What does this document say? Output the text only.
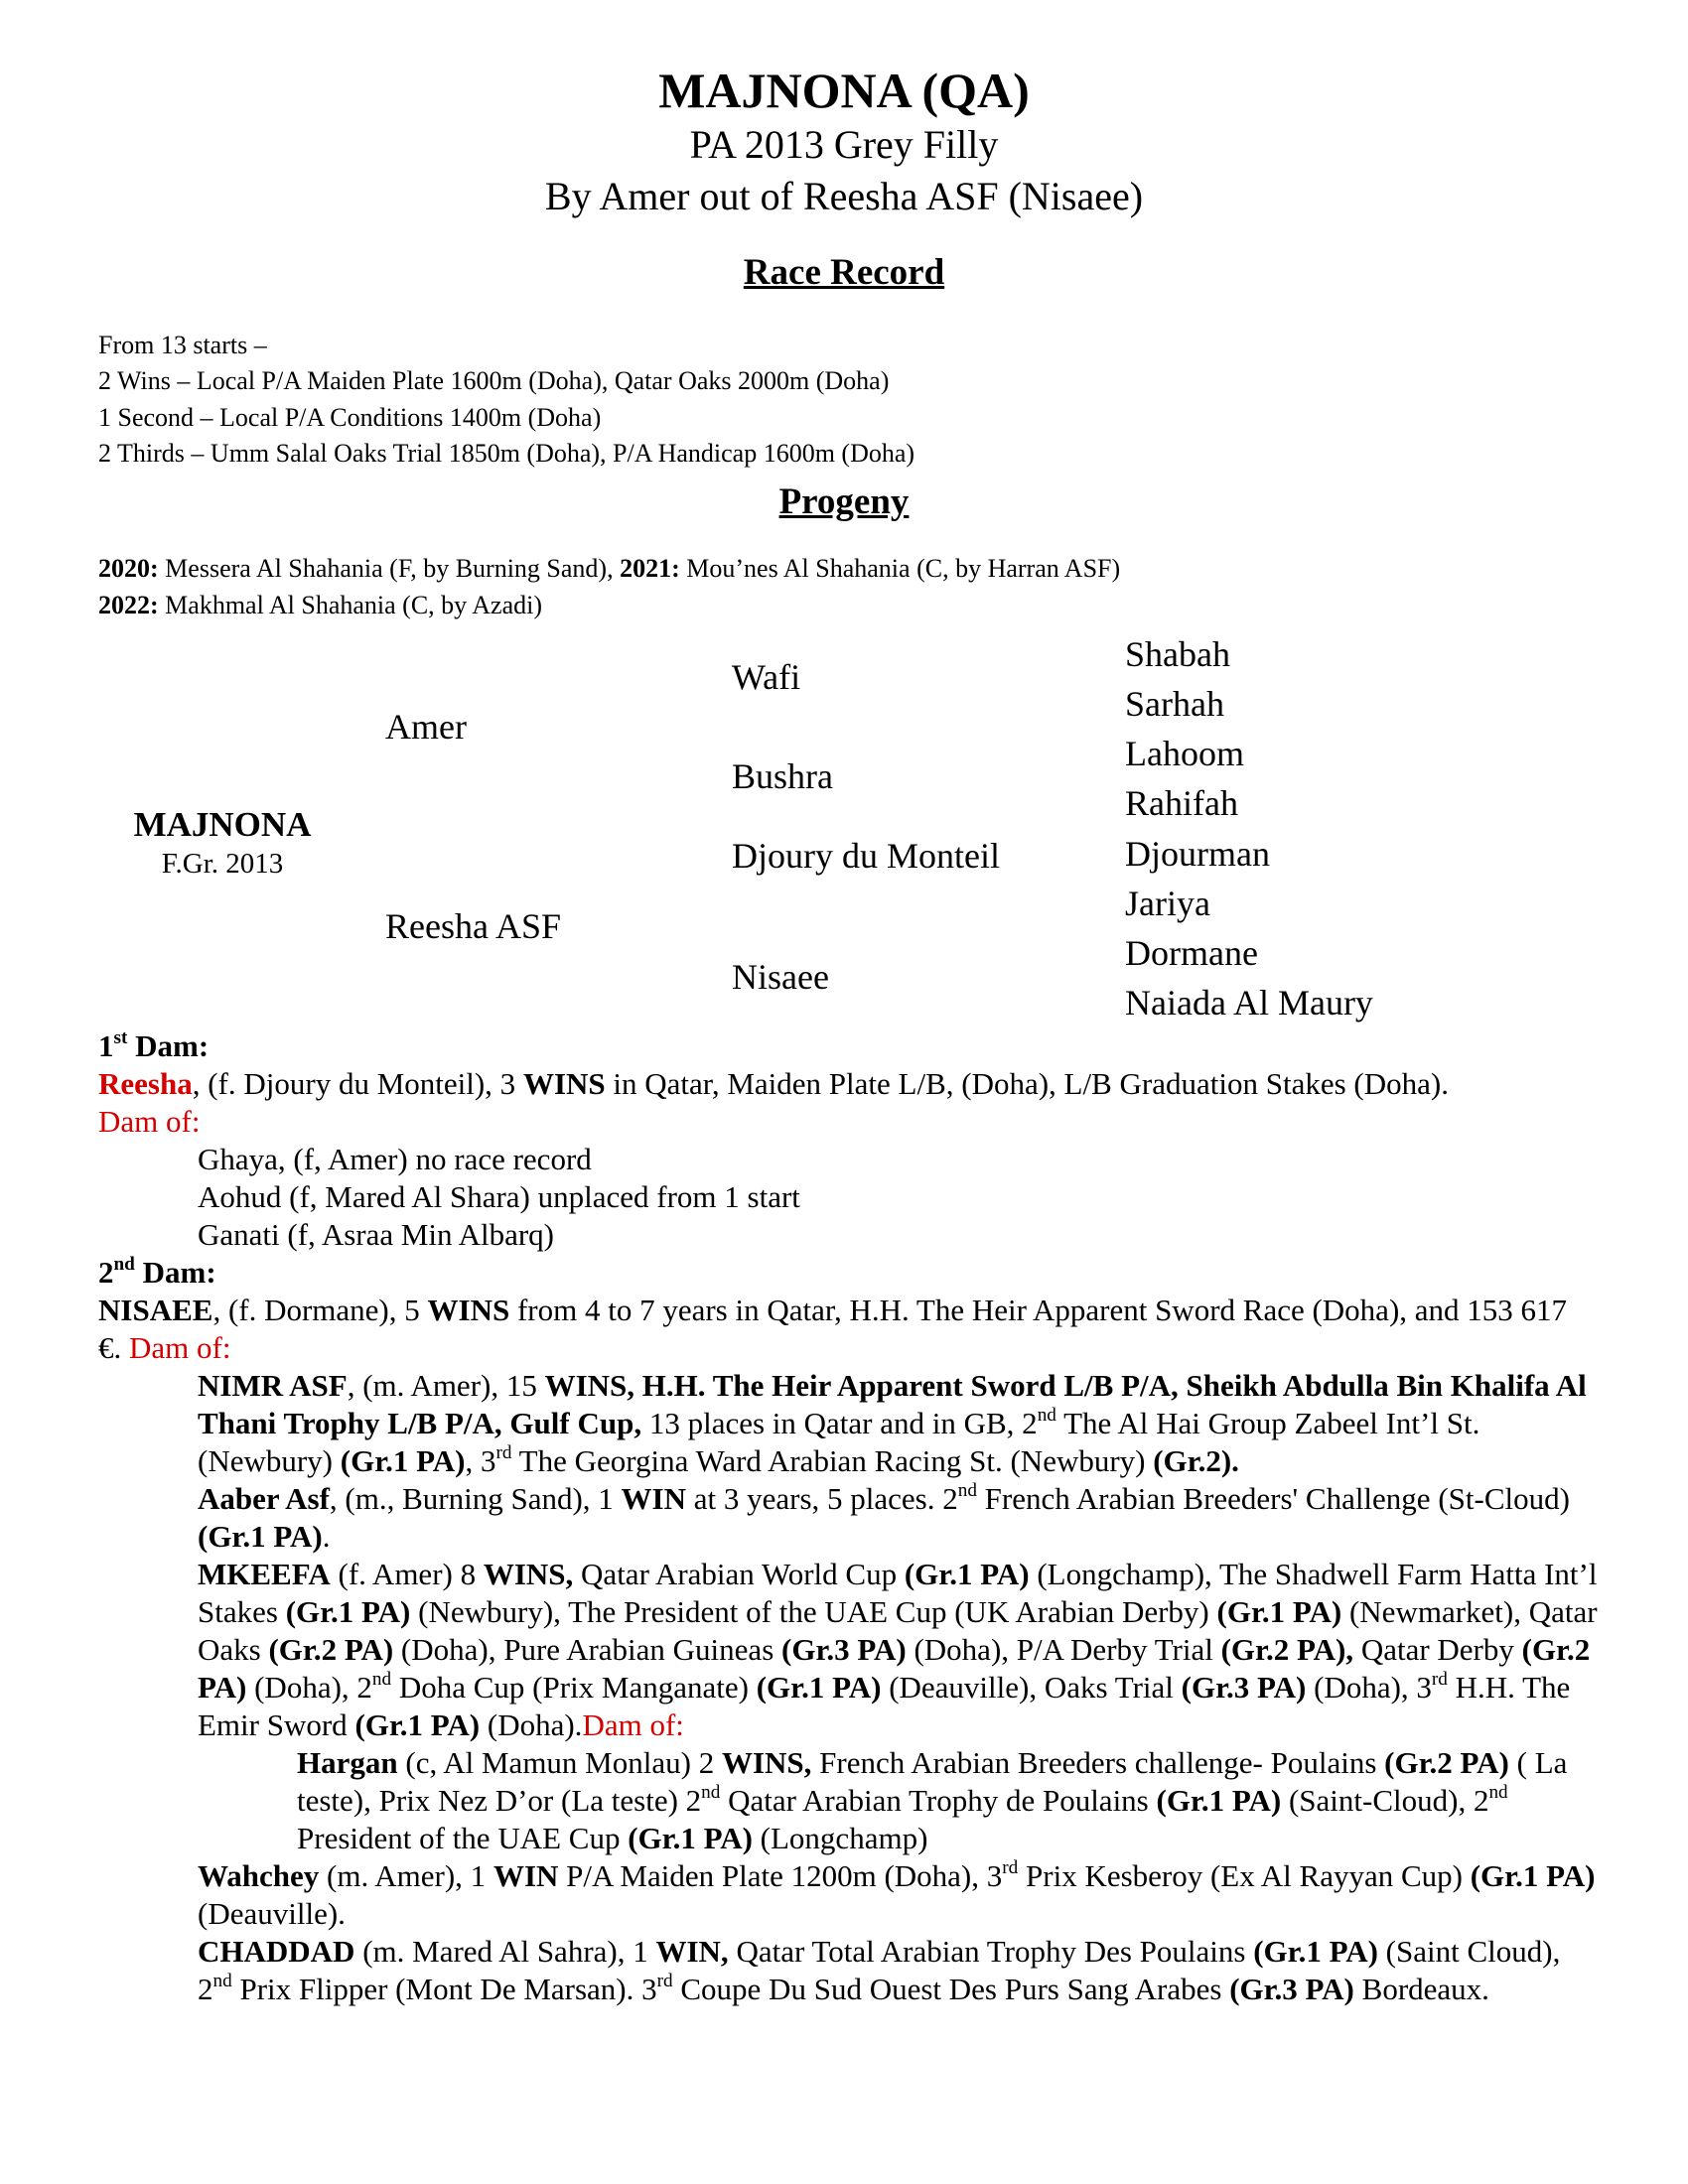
MAJNONA (QA)
PA 2013 Grey Filly
By Amer out of Reesha ASF (Nisaee)
Race Record
From 13 starts –
2 Wins – Local P/A Maiden Plate 1600m (Doha), Qatar Oaks 2000m (Doha)
1 Second – Local P/A Conditions 1400m (Doha)
2 Thirds – Umm Salal Oaks Trial 1850m (Doha), P/A Handicap 1600m (Doha)
Progeny
2020: Messera Al Shahania (F, by Burning Sand), 2021: Mou’nes Al Shahania (C, by Harran ASF)
2022: Makhmal Al Shahania (C, by Azadi)
MAJNONA
F.Gr. 2013
Amer
Reesha ASF
Wafi
Bushra
Djoury du Monteil
Nisaee
Shabah
Sarhah
Lahoom
Rahifah
Djourman
Jariya
Dormane
Naiada Al Maury

1st Dam:

Reesha, (f. Djoury du Monteil), 3 WINS in Qatar, Maiden Plate L/B, (Doha), L/B Graduation Stakes (Doha).

Dam of:

Ghaya, (f, Amer) no race record

Aohud (f, Mared Al Shara) unplaced from 1 start

Ganati (f, Asraa Min Albarq)

2nd Dam:

NISAEE, (f. Dormane), 5 WINS from 4 to 7 years in Qatar, H.H. The Heir Apparent Sword Race (Doha), and 153 617 €. Dam of:

NIMR ASF, (m. Amer), 15 WINS, H.H. The Heir Apparent Sword L/B P/A, Sheikh Abdulla Bin Khalifa Al Thani Trophy L/B P/A, Gulf Cup, 13 places in Qatar and in GB, 2nd The Al Hai Group Zabeel Int’l St. (Newbury) (Gr.1 PA), 3rd The Georgina Ward Arabian Racing St. (Newbury) (Gr.2).

Aaber Asf, (m., Burning Sand), 1 WIN at 3 years, 5 places. 2nd French Arabian Breeders' Challenge (St-Cloud) (Gr.1 PA).

MKEEFA (f. Amer) 8 WINS, Qatar Arabian World Cup (Gr.1 PA) (Longchamp), The Shadwell Farm Hatta Int’l Stakes (Gr.1 PA) (Newbury), The President of the UAE Cup (UK Arabian Derby) (Gr.1 PA) (Newmarket), Qatar Oaks (Gr.2 PA) (Doha), Pure Arabian Guineas (Gr.3 PA) (Doha), P/A Derby Trial (Gr.2 PA), Qatar Derby (Gr.2 PA) (Doha), 2nd Doha Cup (Prix Manganate) (Gr.1 PA) (Deauville), Oaks Trial (Gr.3 PA) (Doha), 3rd H.H. The Emir Sword (Gr.1 PA) (Doha).Dam of:

Hargan (c, Al Mamun Monlau) 2 WINS, French Arabian Breeders challenge- Poulains (Gr.2 PA) ( La teste), Prix Nez D’or (La teste) 2nd Qatar Arabian Trophy de Poulains (Gr.1 PA) (Saint-Cloud), 2nd President of the UAE Cup (Gr.1 PA) (Longchamp)

Wahchey (m. Amer), 1 WIN P/A Maiden Plate 1200m (Doha), 3rd Prix Kesberoy (Ex Al Rayyan Cup) (Gr.1 PA) (Deauville).

CHADDAD (m. Mared Al Sahra), 1 WIN, Qatar Total Arabian Trophy Des Poulains (Gr.1 PA) (Saint Cloud), 2nd Prix Flipper (Mont De Marsan). 3rd Coupe Du Sud Ouest Des Purs Sang Arabes (Gr.3 PA) Bordeaux.
